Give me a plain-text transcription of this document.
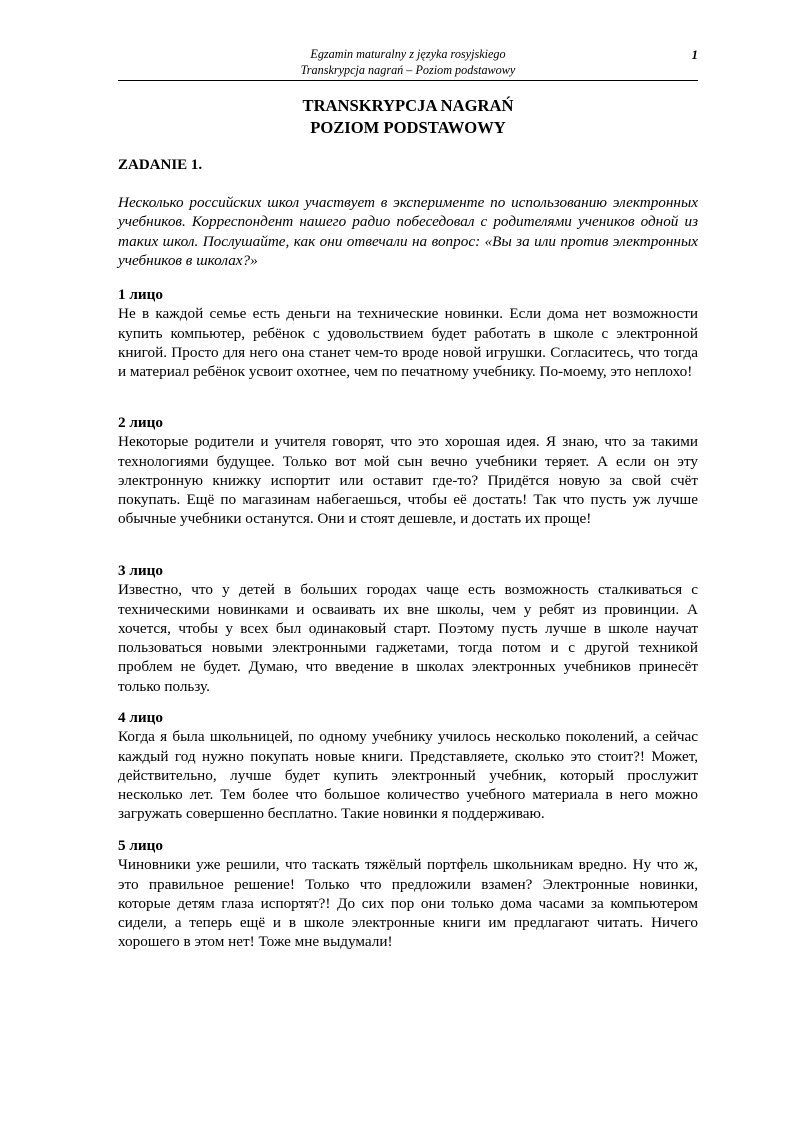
Egzamin maturalny z języka rosyjskiego
Transkrypcja nagrań – Poziom podstawowy
1
TRANSKRYPCJA NAGRAŃ
POZIOM PODSTAWOWY
ZADANIE 1.
Несколько российских школ участвует в эксперименте по использованию электронных учебников. Корреспондент нашего радио побеседовал с родителями учеников одной из таких школ. Послушайте, как они отвечали на вопрос: «Вы за или против электронных учебников в школах?»
1 лицо
Не в каждой семье есть деньги на технические новинки. Если дома нет возможности купить компьютер, ребёнок с удовольствием будет работать в школе с электронной книгой. Просто для него она станет чем-то вроде новой игрушки. Согласитесь, что тогда и материал ребёнок усвоит охотнее, чем по печатному учебнику. По-моему, это неплохо!
2 лицо
Некоторые родители и учителя говорят, что это хорошая идея. Я знаю, что за такими технологиями будущее. Только вот мой сын вечно учебники теряет. А если он эту электронную книжку испортит или оставит где-то? Придётся новую за свой счёт покупать. Ещё по магазинам набегаешься, чтобы её достать! Так что пусть уж лучше обычные учебники останутся. Они и стоят дешевле, и достать их проще!
3 лицо
Известно, что у детей в больших городах чаще есть возможность сталкиваться с техническими новинками и осваивать их вне школы, чем у ребят из провинции. А хочется, чтобы у всех был одинаковый старт. Поэтому пусть лучше в школе научат пользоваться новыми электронными гаджетами, тогда потом и с другой техникой проблем не будет. Думаю, что введение в школах электронных учебников принесёт только пользу.
4 лицо
Когда я была школьницей, по одному учебнику училось несколько поколений, а сейчас каждый год нужно покупать новые книги. Представляете, сколько это стоит?! Может, действительно, лучше будет купить электронный учебник, который прослужит несколько лет. Тем более что большое количество учебного материала в него можно загружать совершенно бесплатно. Такие новинки я поддерживаю.
5 лицо
Чиновники уже решили, что таскать тяжёлый портфель школьникам вредно. Ну что ж, это правильное решение! Только что предложили взамен? Электронные новинки, которые детям глаза испортят?! До сих пор они только дома часами за компьютером сидели, а теперь ещё и в школе электронные книги им предлагают читать. Ничего хорошего в этом нет! Тоже мне выдумали!
